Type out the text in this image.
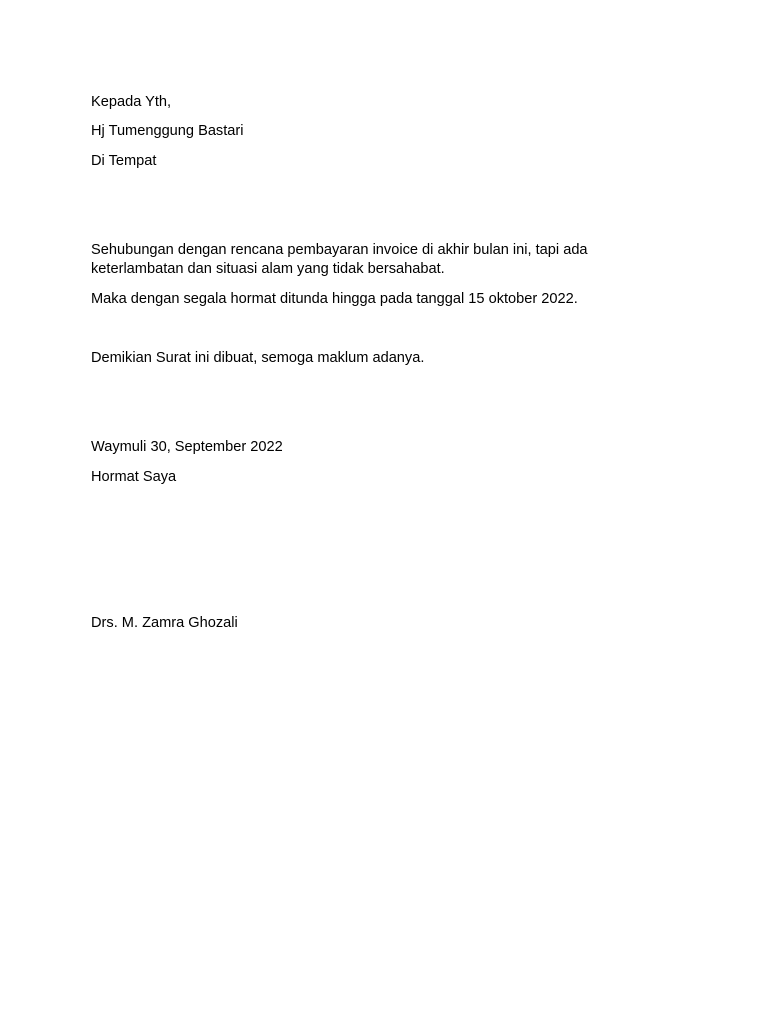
Kepada Yth,

Hj Tumenggung Bastari

Di Tempat

Sehubungan dengan rencana pembayaran invoice di akhir bulan ini, tapi ada
keterlambatan dan situasi alam yang tidak bersahabat.

Maka dengan segala hormat ditunda hingga pada tanggal 15 oktober 2022.

Demikian Surat ini dibuat, semoga maklum adanya.

Waymuli 30, September 2022

Hormat Saya

Drs. M. Zamra Ghozali
